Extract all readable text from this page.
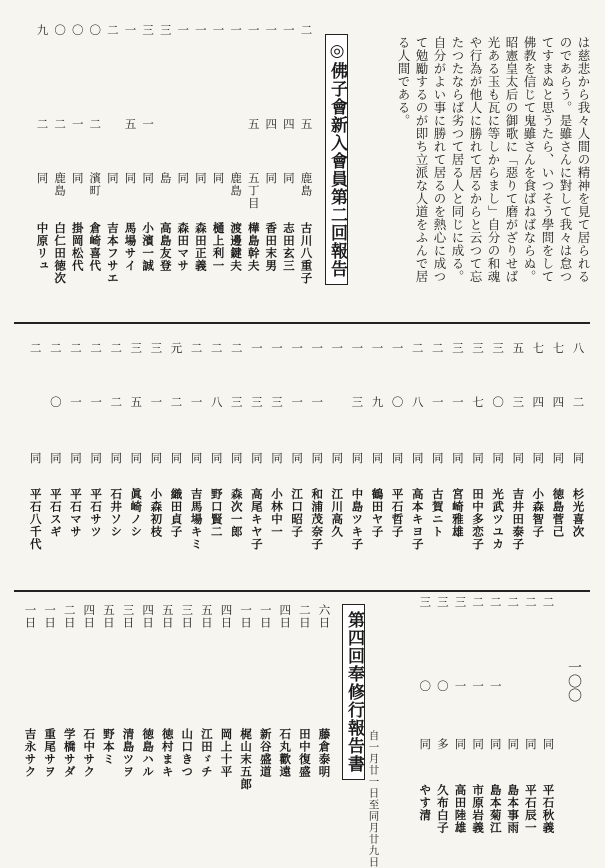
一〇〇
は慈悲から我々人間の精神を見て居られる
のであらう。是雖さんに對して我々は怠つ
てすまぬと思うたら、いつそう學問をして
佛教を信じて鬼雖さんを食ばねばならぬ。
昭憲皇太后の御歌に「惡りて磨がざりせば
光ある玉も瓦に等しからまし」自分の和魂
や行為が他人に勝れて居るからと云つて忘
たつたならば劣つて居る人と同じに成る。
自分がよい事に勝れて居るのを熱心に成つ
て勉勵するのが即ち立派な人道をふんで居
る人間である。
◎佛子會新入會員第二回報告
二
五
鹿島
古川八重子
一
四
同
志田玄三
一
四
同
香田末男
一
五
五丁目
樺島幹夫
一
鹿島
渡邊鍵夫
一
同
樋上利一
一
同
森田正義
一
同
森田マサ
三
島
高島友登
三
一
同
小濱一誠
一
五
同
馬場サイ
二
同
吉本フサエ
〇
二
濱町
倉崎喜代
〇
一
同
掛岡松代
〇
二
鹿島
白仁田徳次
九
二
同
中原リュ
八
二
同
杉光喜次
七
四
同
徳島菅己
七
四
同
小森智子
五
三
同
吉井田泰子
三
〇
同
光武ツユカ
三
七
同
田中多恋子
三
一
同
宮崎雅雄
二
一
同
古賀ニト
二
八
同
高本キヨ子
一
〇
同
平石哲子
一
九
同
鶴田ヤ子
一
三
同
中島ツキ子
一
同
江川高久
一
一
同
和浦茂奈子
一
一
同
江口昭子
一
三
同
小林中一
一
三
同
高尾キヤ子
二
三
同
森次一郎
二
八
同
野口賢二
二
一
同
吉馬場キミ
元
二
同
織田貞子
三
一
同
小森初枝
三
五
同
眞崎ノシ
二
二
同
石井ソシ
二
一
同
平石サツ
二
一
同
平石マサ
二
〇
同
平石スギ
二
同
平石八千代
第四回奉修行報告書
自一月廿一日至同月廿九日
六日
藤倉泰明
二日
田中復盛
四日
石丸歡遠
一日
新谷盛道
一日
梶山末五郎
四日
岡上十平
五日
江田ゞチ
三日
山口きつ
五日
徳村まキ
四日
徳島ハル
三日
清島ツヲ
五日
野本ミ
四日
石中サク
二日
学橋サダ
一日
重尾サヲ
一日
吉永サク
二
同
平石秋義
二
同
平石辰一
二
同
島本事雨
二
一
同
島本菊江
二
一
同
市原岩義
三
一
同
高田陸雄
三
〇
多
久布白子
三
〇
同
やす清
